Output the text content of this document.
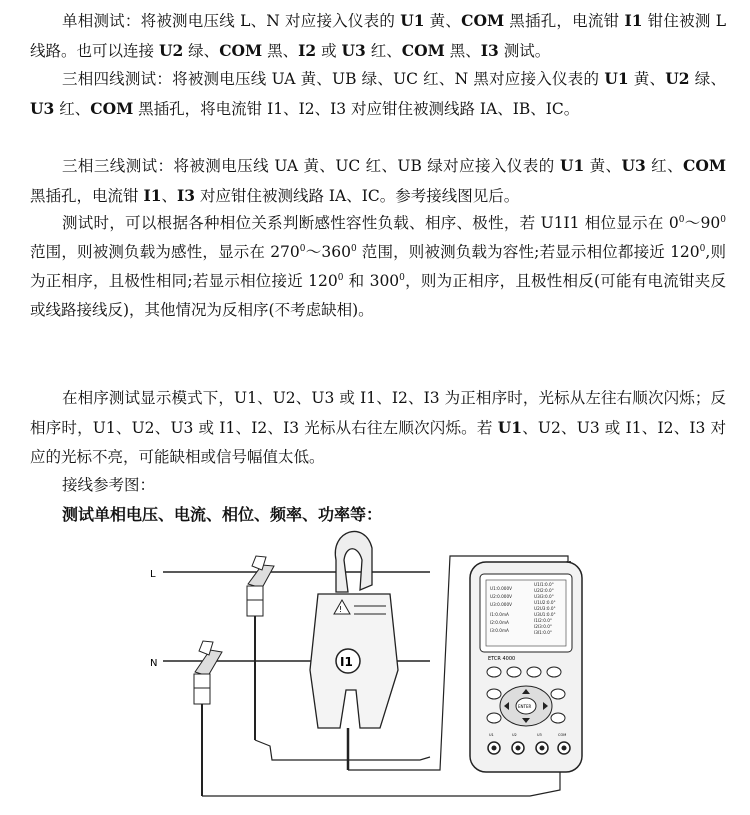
单相测试：将被测电压线 L、N 对应接入仪表的 U1 黄、COM 黑插孔，电流钳 I1 钳住被测 L 线路。也可以连接 U2 绿、COM 黑、I2 或 U3 红、COM 黑、I3 测试。

三相四线测试：将被测电压线 UA 黄、UB 绿、UC 红、N 黑对应接入仪表的 U1 黄、U2 绿、U3 红、COM 黑插孔，将电流钳 I1、I2、I3 对应钳住被测线路 IA、IB、IC。

三相三线测试：将被测电压线 UA 黄、UC 红、UB 绿对应接入仪表的 U1 黄、U3 红、COM 黑插孔，电流钳 I1、I3 对应钳住被测线路 IA、IC。参考接线图见后。

测试时，可以根据各种相位关系判断感性容性负载、相序、极性，若 U1I1 相位显示在 $0^0\sim 90^0$ 范围，则被测负载为感性，显示在 $270^0\sim 360^0$ 范围，则被测负载为容性;若显示相位都接近 $120^0$,则为正相序，且极性相同;若显示相位接近 $120^0$ 和 $300^0$，则为正相序，且极性相反(可能有电流钳夹反或线路接线反)，其他情况为反相序(不考虑缺相)。

在相序测试显示模式下，U1、U2、U3 或 I1、I2、I3 为正相序时，光标从左往右顺次闪烁；反相序时，U1、U2、U3 或 I1、I2、I3 光标从右往左顺次闪烁。若 U1、U2、U3 或 I1、I2、I3 对应的光标不亮，可能缺相或信号幅值太低。

接线参考图：

测试单相电压、电流、相位、频率、功率等：

L
N
!
I1
U1:0.000V
U2:0.000V
U3:0.000V
I1:0.0mA
I2:0.0mA
I3:0.0mA
U1I1:0.0°
U2I2:0.0°
U3I3:0.0°
U1U2:0.0°
U2U3:0.0°
U3U1:0.0°
I1I2:0.0°
I2I3:0.0°
I3I1:0.0°
ETCR 4000
ENTER
U1	U2	U3	COM
